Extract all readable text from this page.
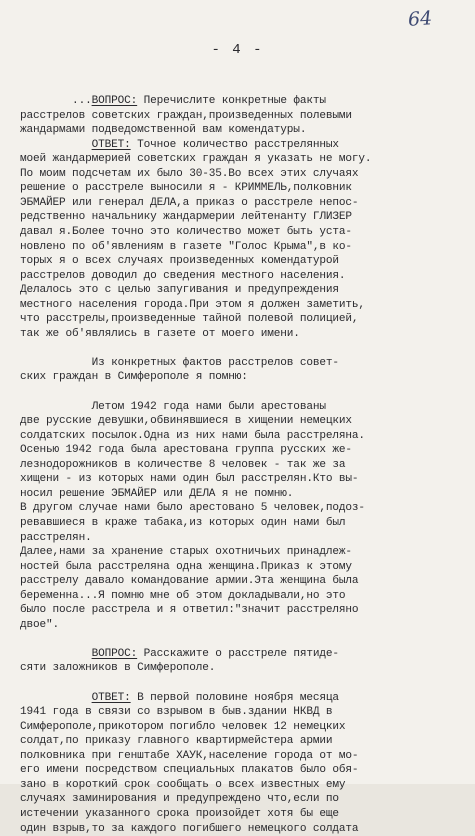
64
- 4 -
...ВОПРОС: Перечислите конкретные факты
расстрелов советских граждан,произведенных полевыми
жандармами подведомственной вам комендатуры.
ОТВЕТ: Точное количество расстрелянных
моей жандармерией советских граждан я указать не могу.
По моим подсчетам их было 30-35.Во всех этих случаях
решение о расстреле выносили я - КРИММЕЛЬ,полковник
ЭБМАЙЕР или генерал ДЕЛА,а приказ о расстреле непос-
редственно начальнику жандармерии лейтенанту ГЛИЗЕР
давал я.Более точно это количество может быть уста-
новлено по об'явлениям в газете "Голос Крыма",в ко-
торых я о всех случаях произведенных комендатурой
расстрелов доводил до сведения местного населения.
Делалось это с целью запугивания и предупреждения
местного населения города.При этом я должен заметить,
что расстрелы,произведенные тайной полевой полицией,
так же об'являлись в газете от моего имени.
Из конкретных фактов расстрелов совет-
ских граждан в Симферополе я помню:
Летом 1942 года нами были арестованы
две русские девушки,обвинявшиеся в хищении немецких
солдатских посылок.Одна из них нами была расстреляна.
Осенью 1942 года была арестована группа русских же-
лезнодорожников в количестве 8 человек - так же за
хищени - из которых нами один был расстрелян.Кто вы-
носил решение ЭБМАЙЕР или ДЕЛА я не помню.
В другом случае нами было арестовано 5 человек,подоз-
ревавшиеся в краже табака,из которых один нами был
расстрелян.
Далее,нами за хранение старых охотничьих принадлеж-
ностей была расстреляна одна женщина.Приказ к этому
расстрелу давало командование армии.Эта женщина была
беременна...Я помню мне об этом докладывали,но это
было после расстрела и я ответил:"значит расстреляно
двое".
ВОПРОС: Расскажите о расстреле пятиде-
сяти заложников в Симферополе.
ОТВЕТ: В первой половине ноября месяца
1941 года в связи со взрывом в быв.здании НКВД в
Симферополе,прикотором погибло человек 12 немецких
солдат,по приказу главного квартирмейстера армии
полковника при генштабе ХАУК,население города от мо-
его имени посредством специальных плакатов было обя-
зано в короткий срок сообщать о всех известных ему
случаях заминирования и предупреждено что,если по
истечении указанного срока произойдет хотя бы еще
один взрыв,то за каждого погибшего немецкого солдата
